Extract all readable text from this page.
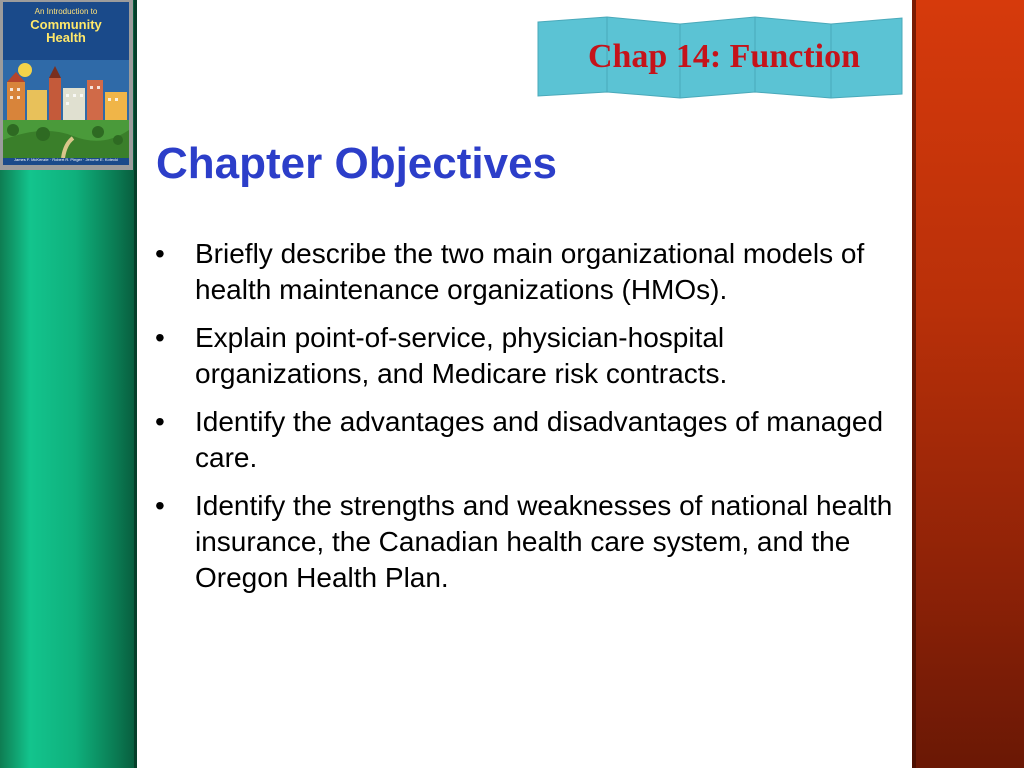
An Introduction to
Community
Health
James F. McKenzie · Robert R. Pinger · Jerome E. Kotecki
Chap 14: Function
Chapter Objectives
• Briefly describe the two main organizational models of health maintenance organizations (HMOs).
• Explain point-of-service, physician-hospital organizations, and Medicare risk contracts.
• Identify the advantages and disadvantages of managed care.
• Identify the strengths and weaknesses of national health insurance, the Canadian health care system, and the Oregon Health Plan.
